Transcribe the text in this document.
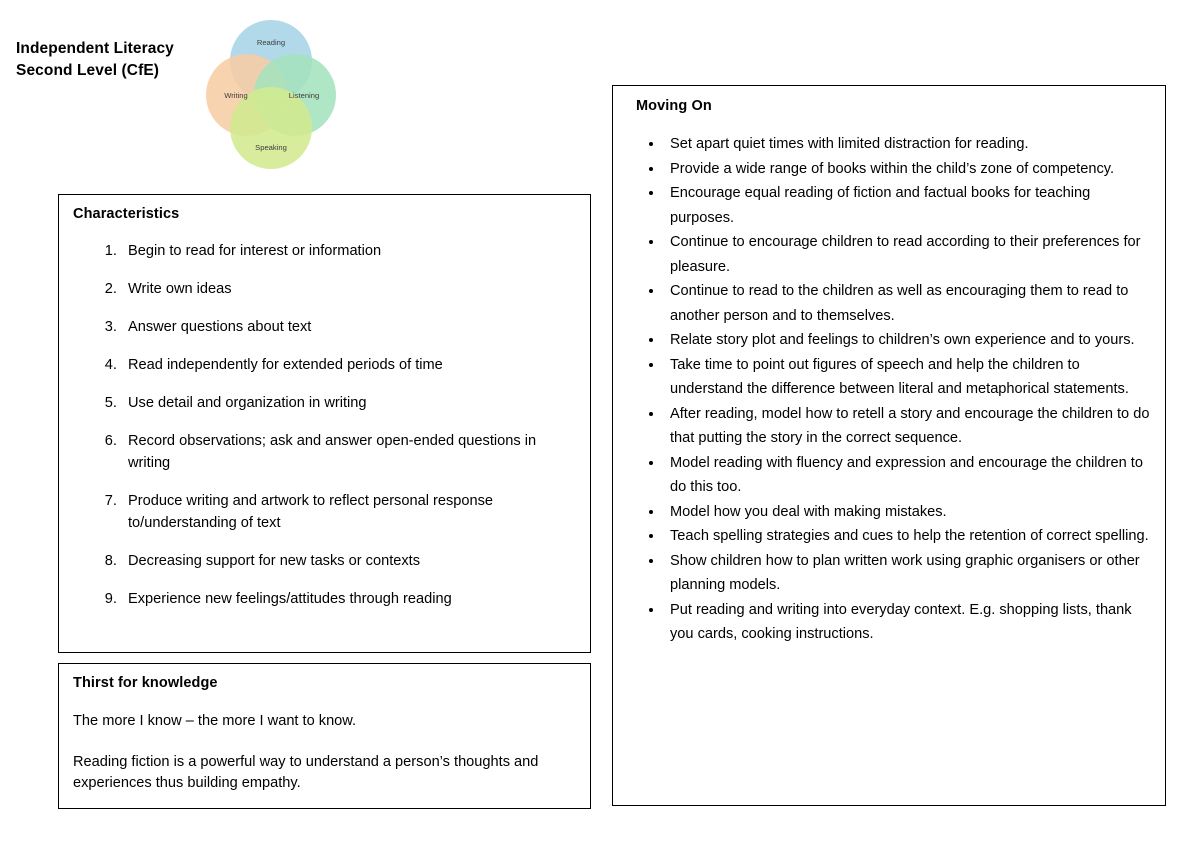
Independent Literacy
Second Level (CfE)
Reading
Writing	Listening
Speaking
Characteristics
1. Begin to read for interest or information
2. Write own ideas
3. Answer questions about text
4. Read independently for extended periods of time
5. Use detail and organization in writing
6. Record observations; ask and answer open-ended questions in writing
7. Produce writing and artwork to reflect personal response to/understanding of text
8. Decreasing support for new tasks or contexts
9. Experience new feelings/attitudes through reading
Thirst for knowledge

The more I know – the more I want to know.

Reading fiction is a powerful way to understand a person’s thoughts and experiences thus building empathy.

Moving On
• Set apart quiet times with limited distraction for reading.
• Provide a wide range of books within the child’s zone of competency.
• Encourage equal reading of fiction and factual books for teaching purposes.
• Continue to encourage children to read according to their preferences for pleasure.
• Continue to read to the children as well as encouraging them to read to another person and to themselves.
• Relate story plot and feelings to children’s own experience and to yours.
• Take time to point out figures of speech and help the children to understand the difference between literal and metaphorical statements.
• After reading, model how to retell a story and encourage the children to do that putting the story in the correct sequence.
• Model reading with fluency and expression and encourage the children to do this too.
• Model how you deal with making mistakes.
• Teach spelling strategies and cues to help the retention of correct spelling.
• Show children how to plan written work using graphic organisers or other planning models.
• Put reading and writing into everyday context. E.g. shopping lists, thank you cards, cooking instructions.
